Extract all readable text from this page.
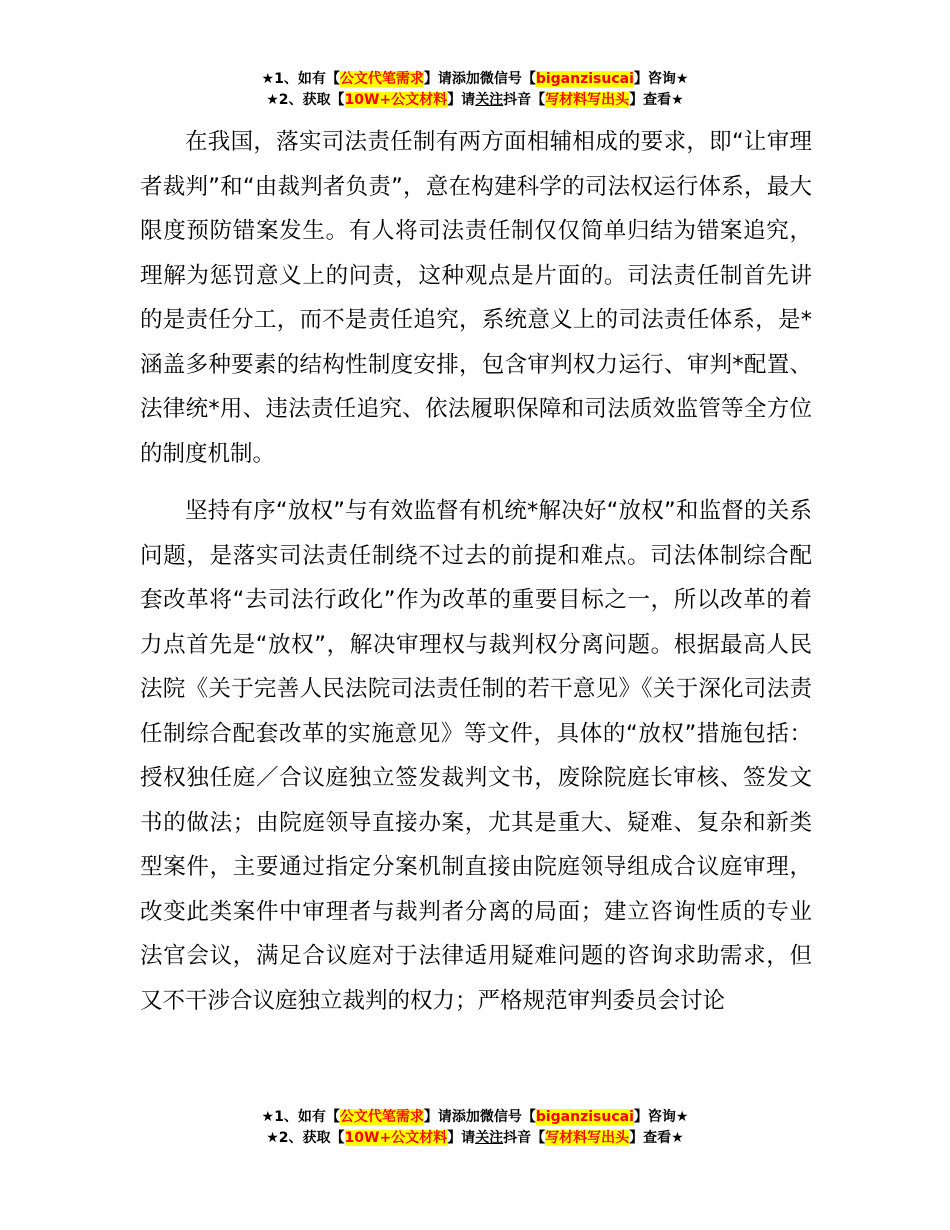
★1、如有【公文代笔需求】请添加微信号【biganzisucai】咨询★
★2、获取【10W+公文材料】请关注抖音【写材料写出头】查看★

在我国，落实司法责任制有两方面相辅相成的要求，即“让审理者裁判”和“由裁判者负责”，意在构建科学的司法权运行体系，最大限度预防错案发生。有人将司法责任制仅仅简单归结为错案追究，理解为惩罚意义上的问责，这种观点是片面的。司法责任制首先讲的是责任分工，而不是责任追究，系统意义上的司法责任体系，是*涵盖多种要素的结构性制度安排，包含审判权力运行、审判*配置、法律统*用、违法责任追究、依法履职保障和司法质效监管等全方位的制度机制。

坚持有序“放权”与有效监督有机统*解决好“放权”和监督的关系问题，是落实司法责任制绕不过去的前提和难点。司法体制综合配套改革将“去司法行政化”作为改革的重要目标之一，所以改革的着力点首先是“放权”，解决审理权与裁判权分离问题。根据最高人民法院《关于完善人民法院司法责任制的若干意见》《关于深化司法责任制综合配套改革的实施意见》等文件，具体的“放权”措施包括：授权独任庭／合议庭独立签发裁判文书，废除院庭长审核、签发文书的做法；由院庭领导直接办案，尤其是重大、疑难、复杂和新类型案件，主要通过指定分案机制直接由院庭领导组成合议庭审理，改变此类案件中审理者与裁判者分离的局面；建立咨询性质的专业法官会议，满足合议庭对于法律适用疑难问题的咨询求助需求，但又不干涉合议庭独立裁判的权力；严格规范审判委员会讨论

★1、如有【公文代笔需求】请添加微信号【biganzisucai】咨询★
★2、获取【10W+公文材料】请关注抖音【写材料写出头】查看★
